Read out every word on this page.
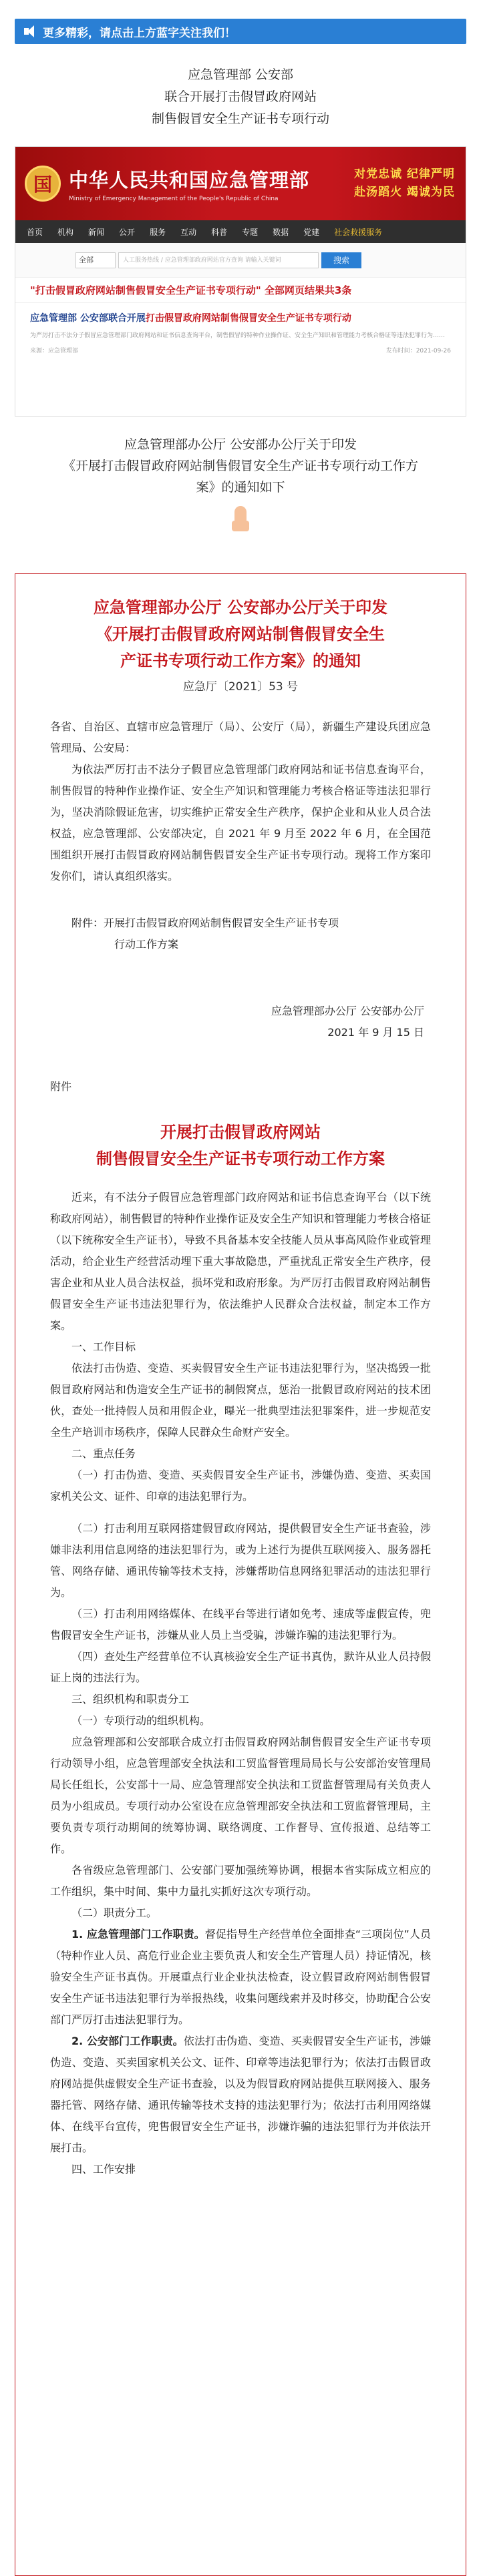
更多精彩，请点击上方蓝字关注我们！
应急管理部 公安部
联合开展打击假冒政府网站
制售假冒安全生产证书专项行动
国 中华人民共和国应急管理部
Ministry of Emergency Management of the People's Republic of China
对党忠诚 纪律严明
赴汤蹈火 竭诚为民
首页 机构 新闻 公开 服务 互动 科普 专题 数据 党建 社会救援服务
全部	人工服务热线 / 应急管理部政府网站官方查询 请输入关键词	搜索
"打击假冒政府网站制售假冒安全生产证书专项行动" 全部网页结果共3条
应急管理部 公安部联合开展打击假冒政府网站制售假冒安全生产证书专项行动
为严厉打击不法分子假冒应急管理部门政府网站和证书信息查询平台，制售假冒的特种作业操作证、安全生产知识和管理能力考核合格证等违法犯罪行为……
来源：应急管理部	发布时间：2021-09-26
应急管理部办公厅 公安部办公厅关于印发
《开展打击假冒政府网站制售假冒安全生产证书专项行动工作方
案》的通知如下
应急管理部办公厅 公安部办公厅关于印发
《开展打击假冒政府网站制售假冒安全生
产证书专项行动工作方案》的通知
应急厅〔2021〕53 号

各省、自治区、直辖市应急管理厅（局）、公安厅（局），新疆生产建设兵团应急管理局、公安局：

为依法严厉打击不法分子假冒应急管理部门政府网站和证书信息查询平台，制售假冒的特种作业操作证、安全生产知识和管理能力考核合格证等违法犯罪行为，坚决消除假证危害，切实维护正常安全生产秩序，保护企业和从业人员合法权益，应急管理部、公安部决定，自 2021 年 9 月至 2022 年 6 月，在全国范围组织开展打击假冒政府网站制售假冒安全生产证书专项行动。现将工作方案印发你们，请认真组织落实。

附件：开展打击假冒政府网站制售假冒安全生产证书专项

行动工作方案

应急管理部办公厅 公安部办公厅
2021 年 9 月 15 日
附件
开展打击假冒政府网站
制售假冒安全生产证书专项行动工作方案

近来，有不法分子假冒应急管理部门政府网站和证书信息查询平台（以下统称政府网站），制售假冒的特种作业操作证及安全生产知识和管理能力考核合格证（以下统称安全生产证书），导致不具备基本安全技能人员从事高风险作业或管理活动，给企业生产经营活动埋下重大事故隐患，严重扰乱正常安全生产秩序，侵害企业和从业人员合法权益，损坏党和政府形象。为严厉打击假冒政府网站制售假冒安全生产证书违法犯罪行为，依法维护人民群众合法权益，制定本工作方案。

一、工作目标

依法打击伪造、变造、买卖假冒安全生产证书违法犯罪行为，坚决捣毁一批假冒政府网站和伪造安全生产证书的制假窝点，惩治一批假冒政府网站的技术团伙，查处一批持假人员和用假企业，曝光一批典型违法犯罪案件，进一步规范安全生产培训市场秩序，保障人民群众生命财产安全。

二、重点任务

（一）打击伪造、变造、买卖假冒安全生产证书，涉嫌伪造、变造、买卖国家机关公文、证件、印章的违法犯罪行为。

（二）打击利用互联网搭建假冒政府网站，提供假冒安全生产证书查验，涉嫌非法利用信息网络的违法犯罪行为，或为上述行为提供互联网接入、服务器托管、网络存储、通讯传输等技术支持，涉嫌帮助信息网络犯罪活动的违法犯罪行为。

（三）打击利用网络媒体、在线平台等进行诸如免考、速成等虚假宣传，兜售假冒安全生产证书，涉嫌从业人员上当受骗，涉嫌诈骗的违法犯罪行为。

（四）查处生产经营单位不认真核验安全生产证书真伪，默许从业人员持假证上岗的违法行为。

三、组织机构和职责分工

（一）专项行动的组织机构。

应急管理部和公安部联合成立打击假冒政府网站制售假冒安全生产证书专项行动领导小组，应急管理部安全执法和工贸监督管理局局长与公安部治安管理局局长任组长，公安部十一局、应急管理部安全执法和工贸监督管理局有关负责人员为小组成员。专项行动办公室设在应急管理部安全执法和工贸监督管理局，主要负责专项行动期间的统筹协调、联络调度、工作督导、宣传报道、总结等工作。

各省级应急管理部门、公安部门要加强统筹协调，根据本省实际成立相应的工作组织，集中时间、集中力量扎实抓好这次专项行动。

（二）职责分工。

1. 应急管理部门工作职责。督促指导生产经营单位全面排查“三项岗位”人员（特种作业人员、高危行业企业主要负责人和安全生产管理人员）持证情况，核验安全生产证书真伪。开展重点行业企业执法检查，设立假冒政府网站制售假冒安全生产证书违法犯罪行为举报热线，收集问题线索并及时移交，协助配合公安部门严厉打击违法犯罪行为。

2. 公安部门工作职责。依法打击伪造、变造、买卖假冒安全生产证书，涉嫌伪造、变造、买卖国家机关公文、证件、印章等违法犯罪行为；依法打击假冒政府网站提供虚假安全生产证书查验，以及为假冒政府网站提供互联网接入、服务器托管、网络存储、通讯传输等技术支持的违法犯罪行为；依法打击利用网络媒体、在线平台宣传，兜售假冒安全生产证书，涉嫌诈骗的违法犯罪行为并依法开展打击。

四、工作安排
